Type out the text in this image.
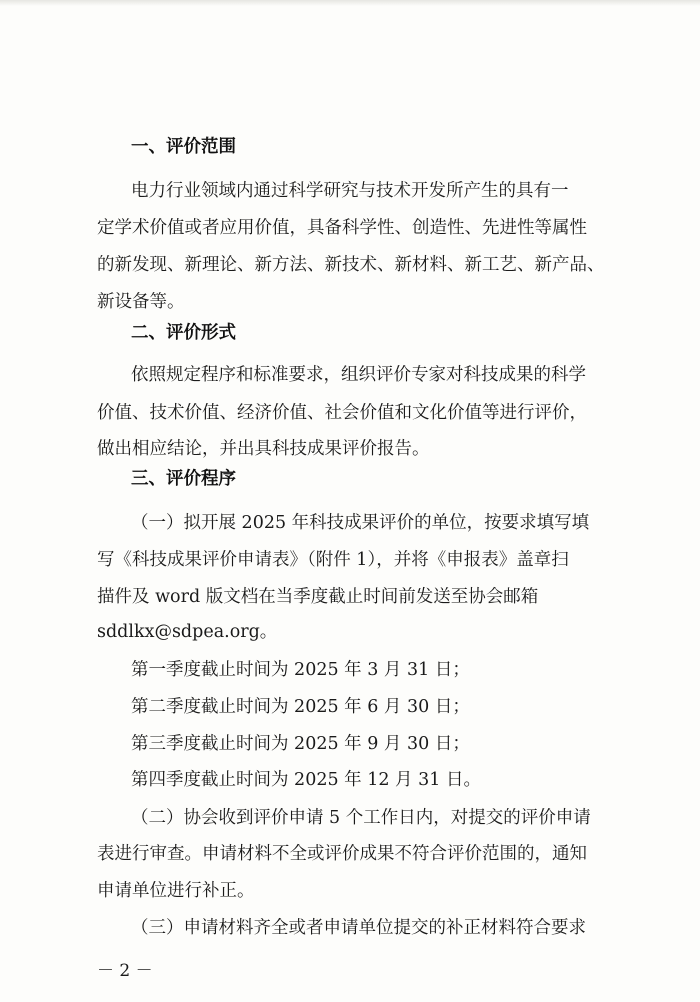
一、评价范围
电力行业领域内通过科学研究与技术开发所产生的具有一
定学术价值或者应用价值，具备科学性、创造性、先进性等属性
的新发现、新理论、新方法、新技术、新材料、新工艺、新产品、
新设备等。
二、评价形式
依照规定程序和标准要求，组织评价专家对科技成果的科学
价值、技术价值、经济价值、社会价值和文化价值等进行评价，
做出相应结论，并出具科技成果评价报告。
三、评价程序
（一）拟开展 2025 年科技成果评价的单位，按要求填写填
写《科技成果评价申请表》（附件 1），并将《申报表》盖章扫
描件及 word 版文档在当季度截止时间前发送至协会邮箱
sddlkx@sdpea.org。
第一季度截止时间为 2025 年 3 月 31 日；
第二季度截止时间为 2025 年 6 月 30 日；
第三季度截止时间为 2025 年 9 月 30 日；
第四季度截止时间为 2025 年 12 月 31 日。
（二）协会收到评价申请 5 个工作日内，对提交的评价申请
表进行审查。申请材料不全或评价成果不符合评价范围的，通知
申请单位进行补正。
（三）申请材料齐全或者申请单位提交的补正材料符合要求
－ 2 －
